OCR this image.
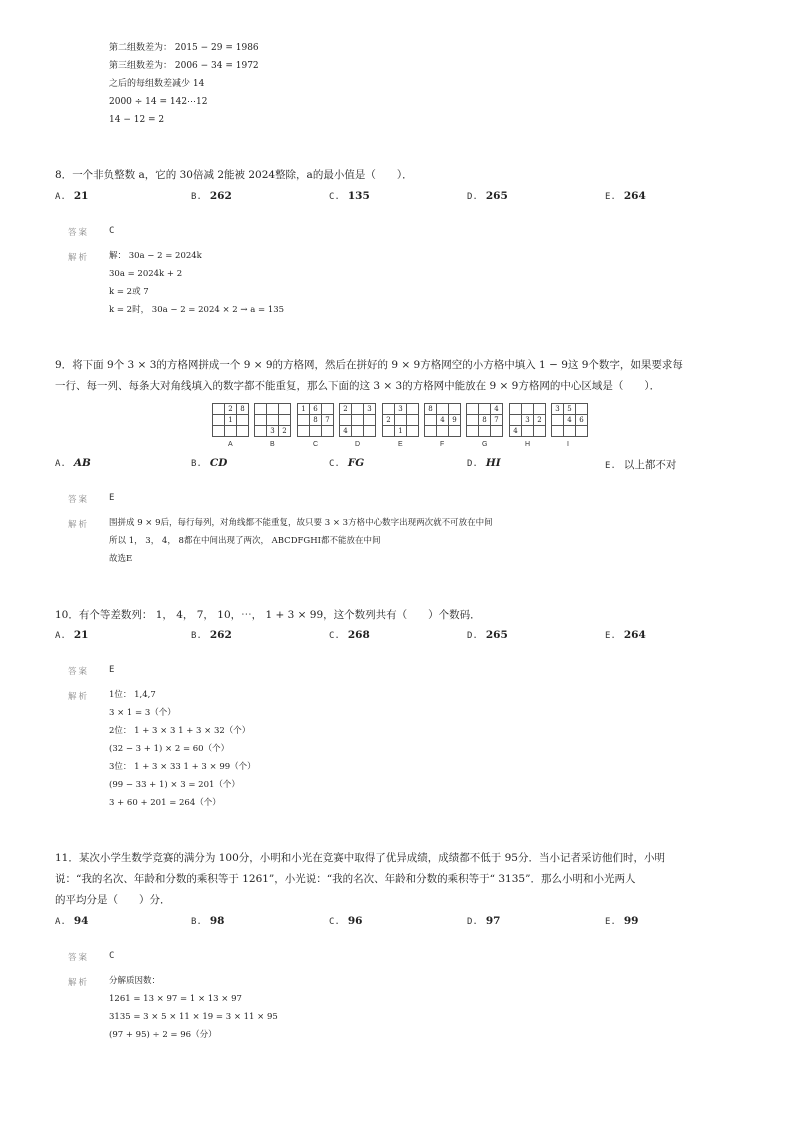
第二组数差为： 2015 − 29 = 1986
第三组数差为： 2006 − 34 = 1972
之后的每组数差减少 14
2000 ÷ 14 = 142⋯12
14 − 12 = 2
8．一个非负整数 a，它的 30倍减 2能被 2024整除，a的最小值是（　　）．
A. 21	B. 262	C. 135	D. 265	E. 264
答案 C
解析 解： 30a − 2 = 2024k
30a = 2024k + 2
k = 2或 7
k = 2时， 30a − 2 = 2024 × 2 → a = 135
9．将下面 9个 3 × 3的方格网拼成一个 9 × 9的方格网，然后在拼好的 9 × 9方格网空的小方格中填入 1 − 9这 9个数字，如果要求每
一行、每一列、每条大对角线填入的数字都不能重复，那么下面的这 3 × 3的方格网中能放在 9 × 9方格网的中心区域是（　　）．
	2	8
	1	

A

	3	2
B
1	6	
	8	7

C
2		3

4		
D
	3	
2		
	1	
E
8		
	4	9

F
		4
	8	7

G

	3	2
4		
H
3	5	
	4	6

I
A. AB	B. CD	C. FG	D. HI	E. 以上都不对
答案 E
解析 围拼成 9 × 9后，每行每列，对角线都不能重复，故只要 3 × 3方格中心数字出现两次就不可放在中间
所以 1， 3， 4， 8都在中间出现了两次， ABCDFGHI都不能放在中间
故选E
10．有个等差数列： 1， 4， 7， 10，⋯， 1 + 3 × 99，这个数列共有（　　）个数码．
A. 21	B. 262	C. 268	D. 265	E. 264
答案 E
解析 1位： 1,4,7
3 × 1 = 3（个）
2位： 1 + 3 × 3 1 + 3 × 32（个）
(32 − 3 + 1) × 2 = 60（个）
3位： 1 + 3 × 33 1 + 3 × 99（个）
(99 − 33 + 1) × 3 = 201（个）
3 + 60 + 201 = 264（个）
11．某次小学生数学竞赛的满分为 100分，小明和小光在竞赛中取得了优异成绩，成绩都不低于 95分．当小记者采访他们时，小明
说：“我的名次、年龄和分数的乘积等于 1261”，小光说：“我的名次、年龄和分数的乘积等于“ 3135”．那么小明和小光两人
的平均分是（　　）分．
A. 94	B. 98	C. 96	D. 97	E. 99
答案 C
解析 分解质因数：
1261 = 13 × 97 = 1 × 13 × 97
3135 = 3 × 5 × 11 × 19 = 3 × 11 × 95
(97 + 95) ÷ 2 = 96（分）
